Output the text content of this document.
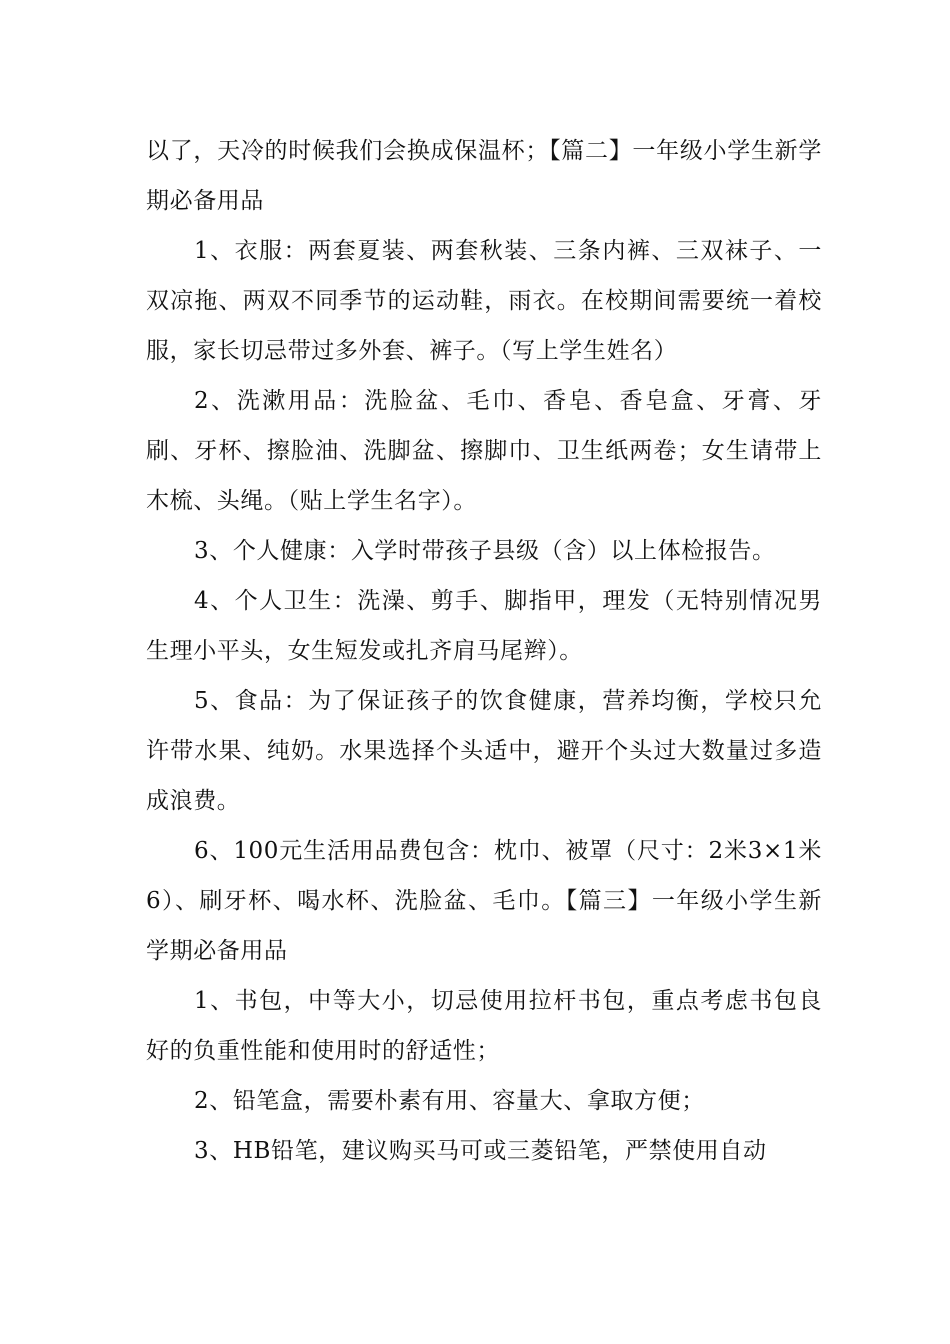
以了，天冷的时候我们会换成保温杯；【篇二】一年级小学生新学期必备用品

1、衣服：两套夏装、两套秋装、三条内裤、三双袜子、一双凉拖、两双不同季节的运动鞋，雨衣。在校期间需要统一着校服，家长切忌带过多外套、裤子。（写上学生姓名）

2、洗漱用品：洗脸盆、毛巾、香皂、香皂盒、牙膏、牙刷、牙杯、擦脸油、洗脚盆、擦脚巾、卫生纸两卷；女生请带上木梳、头绳。（贴上学生名字）。

3、个人健康：入学时带孩子县级（含）以上体检报告。

4、个人卫生：洗澡、剪手、脚指甲，理发（无特别情况男生理小平头，女生短发或扎齐肩马尾辫）。

5、食品：为了保证孩子的饮食健康，营养均衡，学校只允许带水果、纯奶。水果选择个头适中，避开个头过大数量过多造成浪费。

6、100元生活用品费包含：枕巾、被罩（尺寸：2米3×1米6）、刷牙杯、喝水杯、洗脸盆、毛巾。【篇三】一年级小学生新学期必备用品

1、书包，中等大小，切忌使用拉杆书包，重点考虑书包良好的负重性能和使用时的舒适性；

2、铅笔盒，需要朴素有用、容量大、拿取方便；

3、HB铅笔，建议购买马可或三菱铅笔，严禁使用自动
